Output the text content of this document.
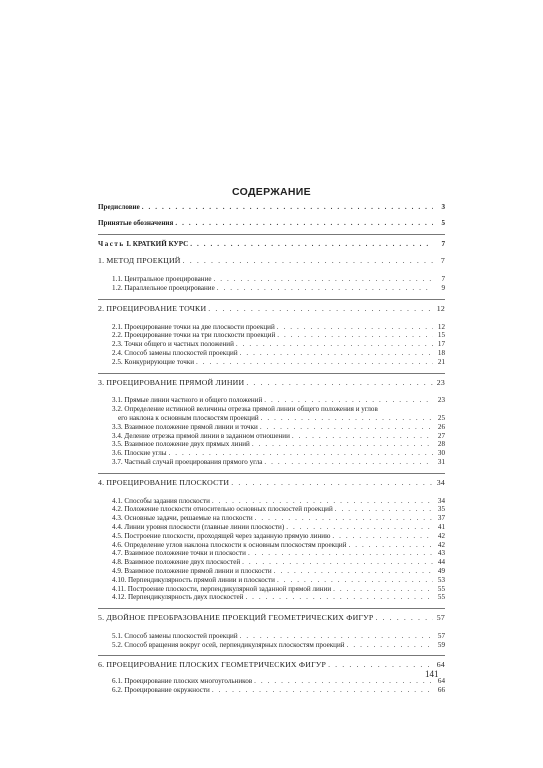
СОДЕРЖАНИЕ
Предисловие . . .	3
Принятые обозначения . . .	5
Часть I. КРАТКИЙ КУРС . . .	7
1. МЕТОД ПРОЕКЦИЙ . . .	7
1.1. Центральное проецирование . . .	7
1.2. Параллельное проецирование . . .	9
2. ПРОЕЦИРОВАНИЕ ТОЧКИ . . .	12
2.1. Проецирование точки на две плоскости проекций . . .	12
2.2. Проецирование точки на три плоскости проекций . . .	15
2.3. Точки общего и частных положений . . .	17
2.4. Способ замены плоскостей проекций . . .	18
2.5. Конкурирующие точки . . .	21
3. ПРОЕЦИРОВАНИЕ ПРЯМОЙ ЛИНИИ . . .	23
3.1. Прямые линии частного и общего положений . . .	23
3.2. Определение истинной величины отрезка прямой линии общего положения и углов
его наклона к основным плоскостям проекций . . .	25
3.3. Взаимное положение прямой линии и точки . . .	26
3.4. Деление отрезка прямой линии в заданном отношении . . .	27
3.5. Взаимное положение двух прямых линий . . .	28
3.6. Плоские углы . . .	30
3.7. Частный случай проецирования прямого угла . . .	31
4. ПРОЕЦИРОВАНИЕ ПЛОСКОСТИ . . .	34
4.1. Способы задания плоскости . . .	34
4.2. Положение плоскости относительно основных плоскостей проекций . . .	35
4.3. Основные задачи, решаемые на плоскости . . .	37
4.4. Линии уровня плоскости (главные линии плоскости) . . .	41
4.5. Построение плоскости, проходящей через заданную прямую линию . . .	42
4.6. Определение углов наклона плоскости к основным плоскостям проекций . . .	42
4.7. Взаимное положение точки и плоскости . . .	43
4.8. Взаимное положение двух плоскостей . . .	44
4.9. Взаимное положение прямой линии и плоскости . . .	49
4.10. Перпендикулярность прямой линии и плоскости . . .	53
4.11. Построение плоскости, перпендикулярной заданной прямой линии . . .	55
4.12. Перпендикулярность двух плоскостей . . .	55
5. ДВОЙНОЕ ПРЕОБРАЗОВАНИЕ ПРОЕКЦИЙ ГЕОМЕТРИЧЕСКИХ ФИГУР . . .	57
5.1. Способ замены плоскостей проекций . . .	57
5.2. Способ вращения вокруг осей, перпендикулярных плоскостям проекций . . .	59
6. ПРОЕЦИРОВАНИЕ ПЛОСКИХ ГЕОМЕТРИЧЕСКИХ ФИГУР . . .	64
6.1. Проецирование плоских многоугольников . . .	64
6.2. Проецирование окружности . . .	66
141
